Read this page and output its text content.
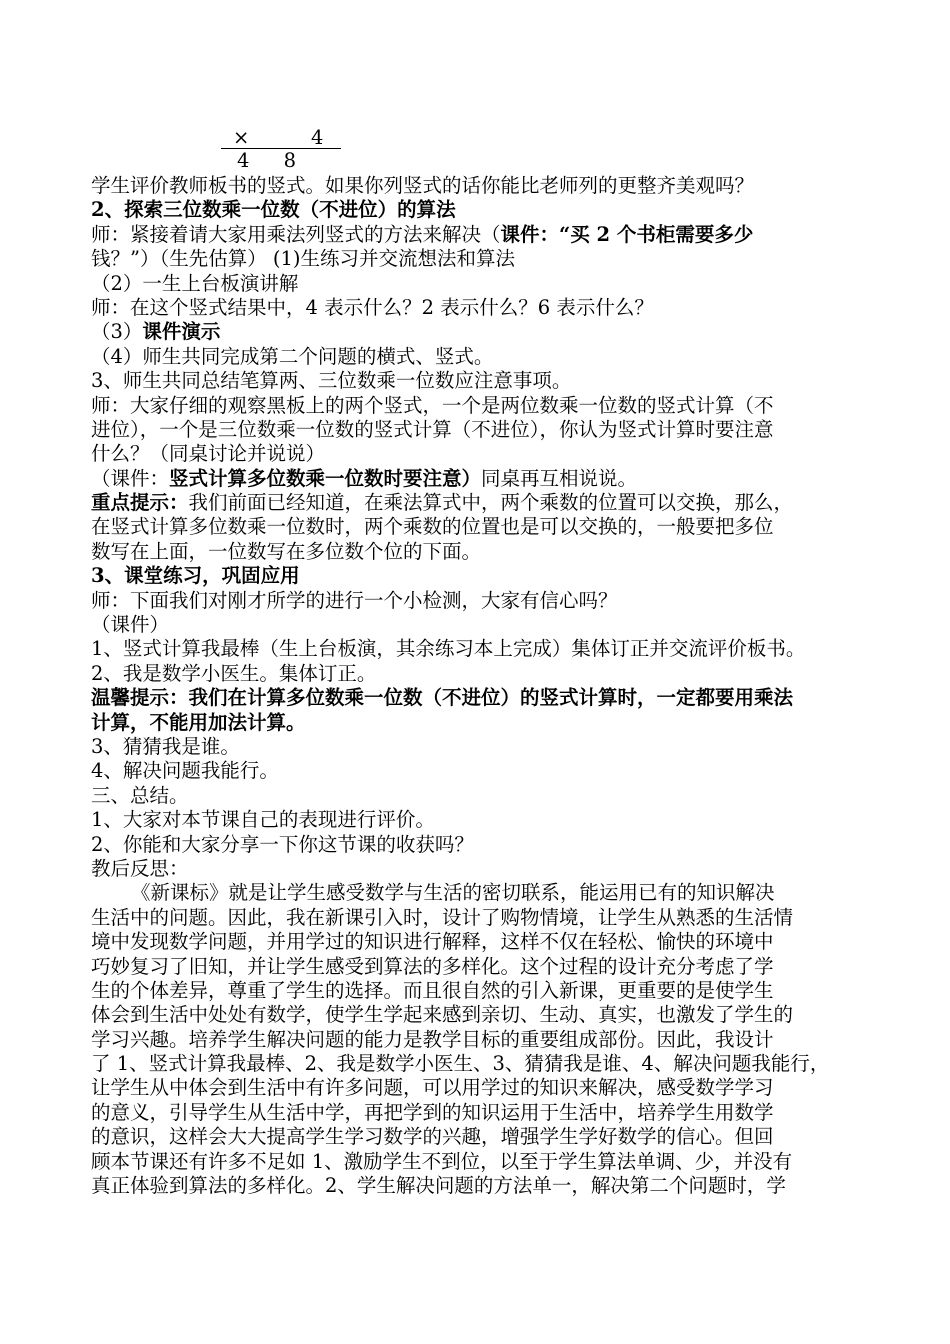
×	4
4 8
学生评价教师板书的竖式。如果你列竖式的话你能比老师列的更整齐美观吗？
2、探索三位数乘一位数（不进位）的算法
师：紧接着请大家用乘法列竖式的方法来解决（课件：“买 2 个书柜需要多少
钱？”）（生先估算） (1)生练习并交流想法和算法
（2）一生上台板演讲解
师：在这个竖式结果中，4 表示什么？2 表示什么？6 表示什么？
（3）课件演示
（4）师生共同完成第二个问题的横式、竖式。
3、师生共同总结笔算两、三位数乘一位数应注意事项。
师：大家仔细的观察黑板上的两个竖式，一个是两位数乘一位数的竖式计算（不
进位），一个是三位数乘一位数的竖式计算（不进位），你认为竖式计算时要注意
什么？（同桌讨论并说说）
（课件：竖式计算多位数乘一位数时要注意）同桌再互相说说。
重点提示：我们前面已经知道，在乘法算式中，两个乘数的位置可以交换，那么，
在竖式计算多位数乘一位数时，两个乘数的位置也是可以交换的，一般要把多位
数写在上面，一位数写在多位数个位的下面。
3、课堂练习，巩固应用
师：下面我们对刚才所学的进行一个小检测，大家有信心吗？
（课件）
1、竖式计算我最棒（生上台板演，其余练习本上完成）集体订正并交流评价板书。
2、我是数学小医生。集体订正。
温馨提示：我们在计算多位数乘一位数（不进位）的竖式计算时，一定都要用乘法
计算，不能用加法计算。
3、猜猜我是谁。
4、解决问题我能行。
三、总结。
1、大家对本节课自己的表现进行评价。
2、你能和大家分享一下你这节课的收获吗？
教后反思：
《新课标》就是让学生感受数学与生活的密切联系，能运用已有的知识解决
生活中的问题。因此，我在新课引入时，设计了购物情境，让学生从熟悉的生活情
境中发现数学问题，并用学过的知识进行解释，这样不仅在轻松、愉快的环境中
巧妙复习了旧知，并让学生感受到算法的多样化。这个过程的设计充分考虑了学
生的个体差异，尊重了学生的选择。而且很自然的引入新课，更重要的是使学生
体会到生活中处处有数学，使学生学起来感到亲切、生动、真实，也激发了学生的
学习兴趣。培养学生解决问题的能力是教学目标的重要组成部份。因此，我设计
了 1、竖式计算我最棒、2、我是数学小医生、3、猜猜我是谁、4、解决问题我能行，
让学生从中体会到生活中有许多问题，可以用学过的知识来解决，感受数学学习
的意义，引导学生从生活中学，再把学到的知识运用于生活中，培养学生用数学
的意识，这样会大大提高学生学习数学的兴趣，增强学生学好数学的信心。但回
顾本节课还有许多不足如 1、激励学生不到位，以至于学生算法单调、少，并没有
真正体验到算法的多样化。2、学生解决问题的方法单一，解决第二个问题时，学
